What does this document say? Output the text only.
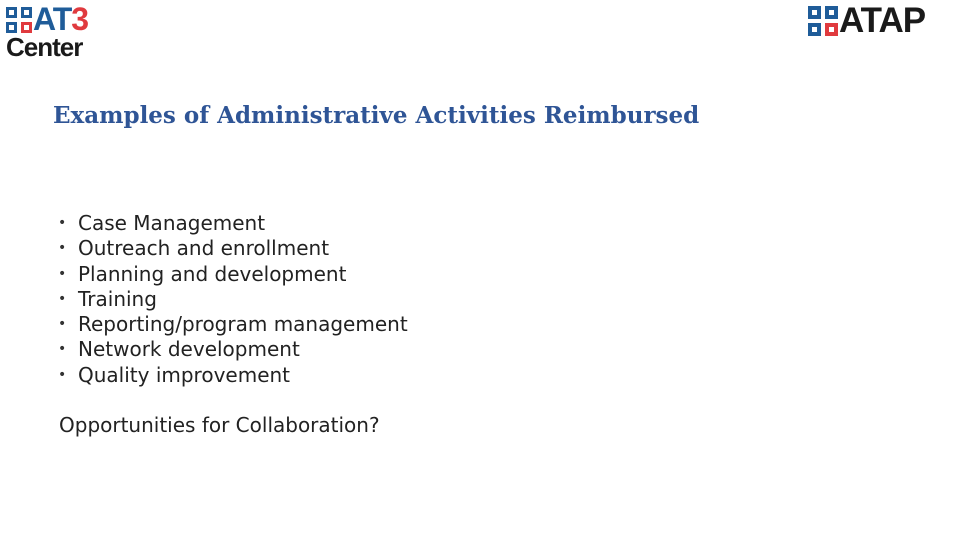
AT3
Center
ATAP
Examples of Administrative Activities Reimbursed
• Case Management
• Outreach and enrollment
• Planning and development
• Training
• Reporting/program management
• Network development
• Quality improvement

Opportunities for Collaboration?
